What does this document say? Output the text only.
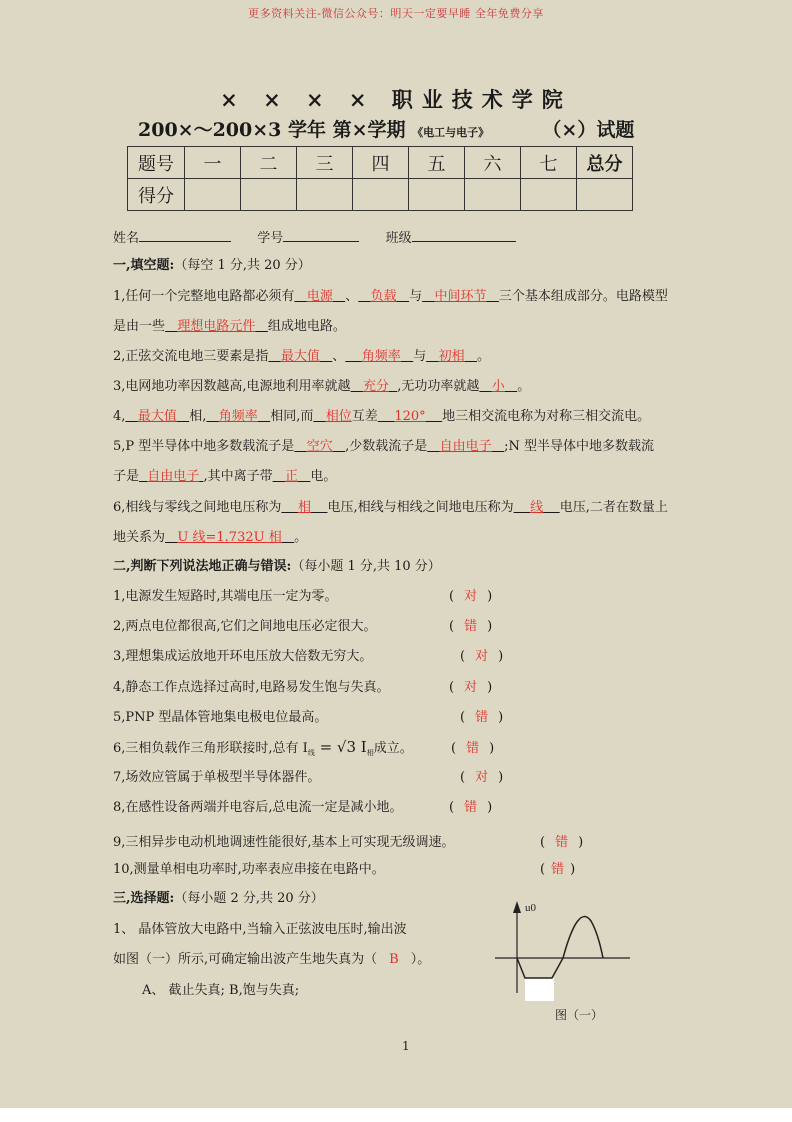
更多资料关注-微信公众号：明天一定要早睡 全年免费分享
× × × × 职业技术学院
200×～200×3 学年 第×学期 《电工与电子》	（×）试题
题号	一	二	三	四	五	六	七	总分
得分								
姓名	学号	班级
一,填空题:（每空 1 分,共 20 分）
1,任何一个完整地电路都必须有 电源 、 负载 与 中间环节 三个基本组成部分。电路模型
是由一些 理想电路元件 组成地电路。
2,正弦交流电地三要素是指 最大值 、 角频率 与 初相 。
3,电网地功率因数越高,电源地利用率就越 充分 ,无功功率就越 小 。
4, 最大值 相, 角频率 相同,而 相位互差 120° 地三相交流电称为对称三相交流电。
5,P 型半导体中地多数载流子是 空穴 ,少数载流子是 自由电子 ;N 型半导体中地多数载流
子是 自由电子 ,其中离子带 正 电。
6,相线与零线之间地电压称为 相 电压,相线与相线之间地电压称为 线 电压,二者在数量上
地关系为 U 线=1.732U 相 。
二,判断下列说法地正确与错误:（每小题 1 分,共 10 分）
1,电源发生短路时,其端电压一定为零。	( 对 )
2,两点电位都很高,它们之间地电压必定很大。	( 错 )
3,理想集成运放地开环电压放大倍数无穷大。	( 对 )
4,静态工作点选择过高时,电路易发生饱与失真。	( 对 )
5,PNP 型晶体管地集电极电位最高。	( 错 )
6,三相负载作三角形联接时,总有 $I_线 = √3$ $I_相$成立。	( 错 )
7,场效应管属于单极型半导体器件。	( 对 )
8,在感性设备两端并电容后,总电流一定是减小地。	( 错 )
9,三相异步电动机地调速性能很好,基本上可实现无级调速。	( 错 )
10,测量单相电功率时,功率表应串接在电路中。	( 错 )
三,选择题:（每小题 2 分,共 20 分）
1、 晶体管放大电路中,当输入正弦波电压时,输出波
如图（一）所示,可确定输出波产生地失真为（ B ）。
A、 截止失真; B,饱与失真;
u0
图（一）
1
